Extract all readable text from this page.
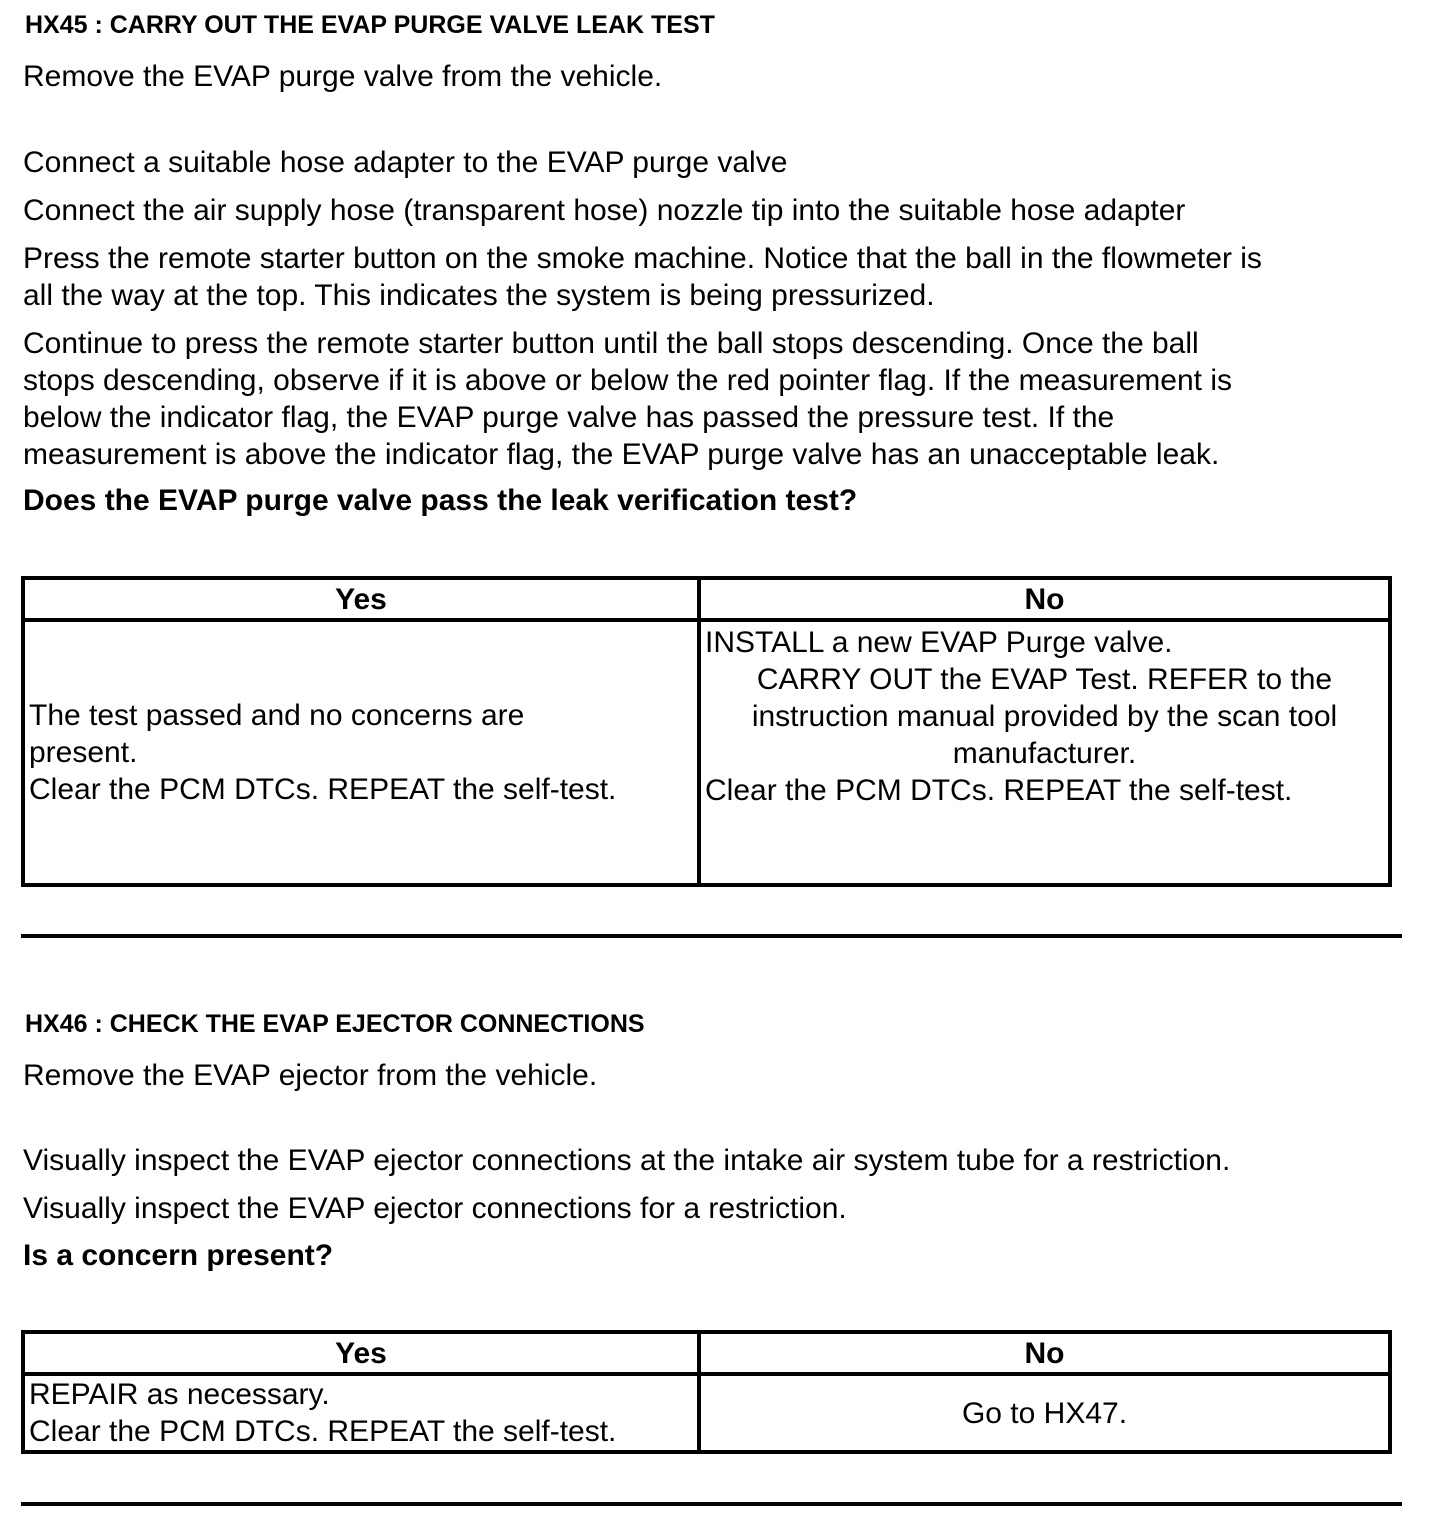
HX45 : CARRY OUT THE EVAP PURGE VALVE LEAK TEST
Remove the EVAP purge valve from the vehicle.
Connect a suitable hose adapter to the EVAP purge valve
Connect the air supply hose (transparent hose) nozzle tip into the suitable hose adapter
Press the remote starter button on the smoke machine. Notice that the ball in the flowmeter is
all the way at the top. This indicates the system is being pressurized.
Continue to press the remote starter button until the ball stops descending. Once the ball
stops descending, observe if it is above or below the red pointer flag. If the measurement is
below the indicator flag, the EVAP purge valve has passed the pressure test. If the
measurement is above the indicator flag, the EVAP purge valve has an unacceptable leak.
Does the EVAP purge valve pass the leak verification test?
Yes	No

The test passed and no concerns are
present.
Clear the PCM DTCs. REPEAT the self-test.	INSTALL a new EVAP Purge valve.
CARRY OUT the EVAP Test. REFER to the
instruction manual provided by the scan tool
manufacturer.
Clear the PCM DTCs. REPEAT the self-test.
HX46 : CHECK THE EVAP EJECTOR CONNECTIONS
Remove the EVAP ejector from the vehicle.
Visually inspect the EVAP ejector connections at the intake air system tube for a restriction.
Visually inspect the EVAP ejector connections for a restriction.
Is a concern present?
Yes	No

REPAIR as necessary.
Clear the PCM DTCs. REPEAT the self-test.	Go to HX47.
